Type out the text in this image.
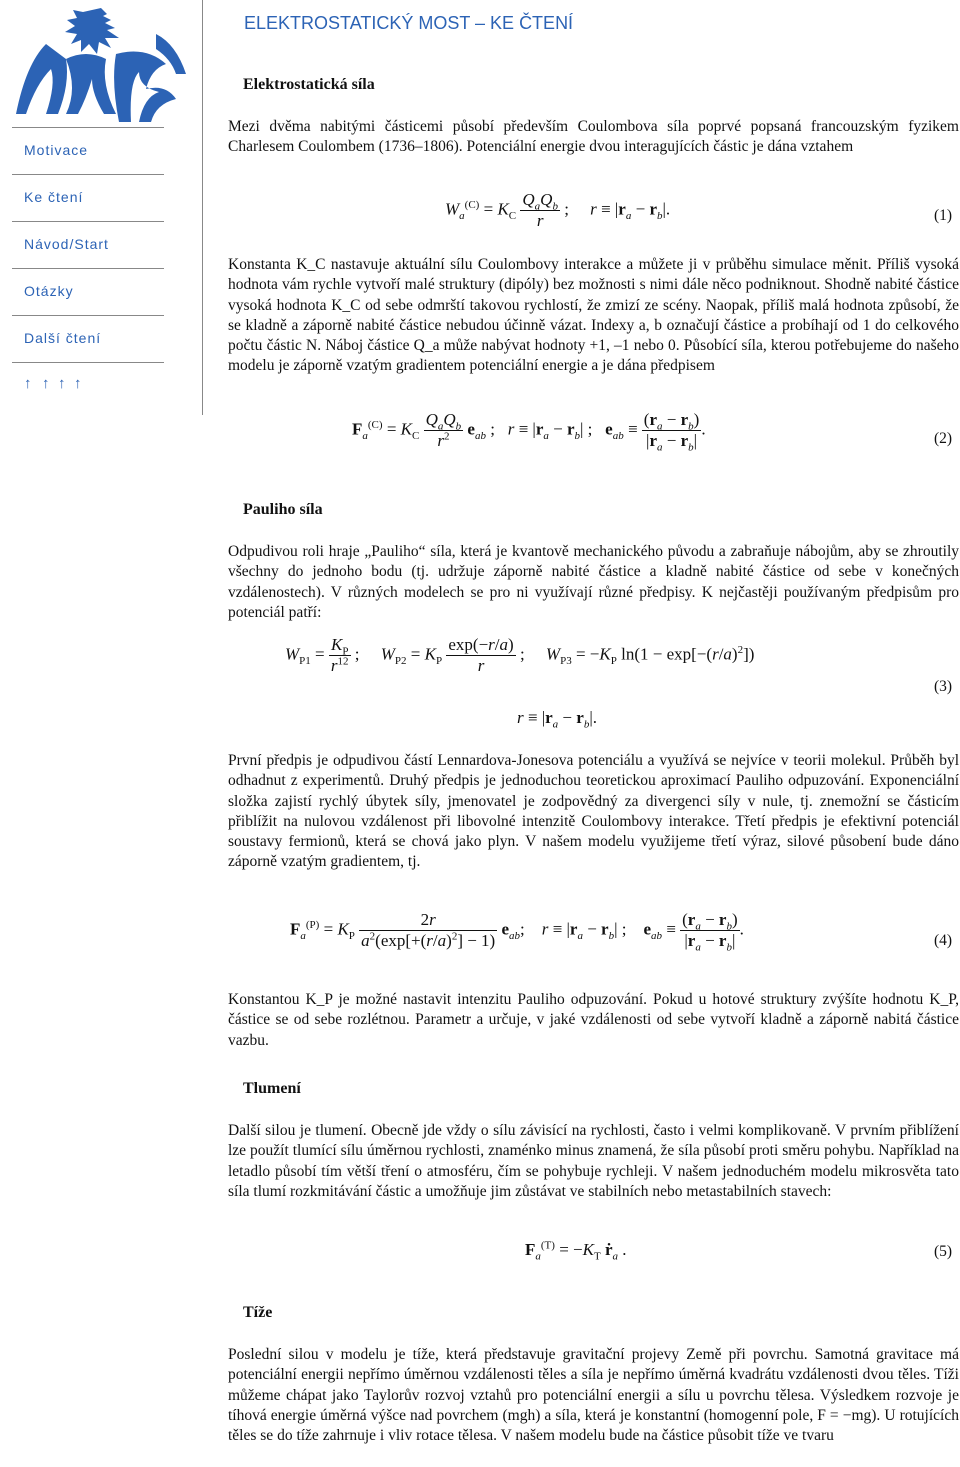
Motivace
Ke čtení
Návod/Start
Otázky
Další čtení
↑ ↑ ↑ ↑
ELEKTROSTATICKÝ MOST – KE ČTENÍ
Elektrostatická síla

Mezi dvěma nabitými částicemi působí především Coulombova síla poprvé popsaná francouzským fyzikem Charlesem Coulombem (1736–1806). Potenciální energie dvou interagujících částic je dána vztahem

$W_a^{(C)} = K_C \frac{Q_aQ_b}{r}$ ;     $r \equiv |r_a - r_b|$.	(1)

Konstanta K_C nastavuje aktuální sílu Coulombovy interakce a můžete ji v průběhu simulace měnit. Příliš vysoká hodnota vám rychle vytvoří malé struktury (dipóly) bez možnosti s nimi dále něco podniknout. Shodně nabité částice vysoká hodnota K_C od sebe odmrští takovou rychlostí, že zmizí ze scény. Naopak, příliš malá hodnota způsobí, že se kladně a záporně nabité částice nebudou účinně vázat. Indexy a, b označují částice a probíhají od 1 do celkového počtu částic N. Náboj částice Q_a může nabývat hodnoty +1, –1 nebo 0. Působící síla, kterou potřebujeme do našeho modelu je záporně vzatým gradientem potenciální energie a je dána předpisem

$F_a^{(C)} = K_C \frac{Q_aQ_b}{r^2} e_{ab}$ ;   $r \equiv |r_a - r_b|$ ;   $e_{ab} \equiv \frac{(r_a - r_b)}{|r_a - r_b|}$ .
(2)
Pauliho síla

Odpudivou roli hraje „Pauliho“ síla, která je kvantově mechanického původu a zabraňuje nábojům, aby se zhroutily všechny do jednoho bodu (tj. udržuje záporně nabité částice a kladně nabité částice od sebe v konečných vzdálenostech). V různých modelech se pro ni využívají různé předpisy. K nejčastěji používaným předpisům pro potenciál patří:

$W_{P1} = \frac{K_P}{r^{12}}$ ;     $W_{P2} = K_P \frac{\exp(-r/a)}{r}$ ;     $W_{P3} = -K_P$ $\ln(1 - \exp[-(r/a)^2])$
$r \equiv |r_a - r_b|$.
(3)

První předpis je odpudivou částí Lennardova-Jonesova potenciálu a využívá se nejvíce v teorii molekul. Průběh byl odhadnut z experimentů. Druhý předpis je jednoduchou teoretickou aproximací Pauliho odpuzování. Exponenciální složka zajistí rychlý úbytek síly, jmenovatel je zodpovědný za divergenci síly v nule, tj. znemožní se částicím přiblížit na nulovou vzdálenost při libovolné intenzitě Coulombovy interakce. Třetí předpis je efektivní potenciál soustavy fermionů, která se chová jako plyn. V našem modelu využijeme třetí výraz, silové působení bude dáno záporně vzatým gradientem, tj.

$F_a^{(P)} = K_P \frac{2r}{a^2(\exp[+(r/a)^2] - 1)} e_{ab}$;    $r \equiv |r_a - r_b|$ ;    $e_{ab} \equiv \frac{(r_a - r_b)}{|r_a - r_b|}$ .
(4)

Konstantou K_P je možné nastavit intenzitu Pauliho odpuzování. Pokud u hotové struktury zvýšíte hodnotu K_P, částice se od sebe rozlétnou. Parametr a určuje, v jaké vzdálenosti od sebe vytvoří kladně a záporně nabitá částice vazbu.

Tlumení

Další silou je tlumení. Obecně jde vždy o sílu závisící na rychlosti, často i velmi komplikovaně. V prvním přiblížení lze použít tlumící sílu úměrnou rychlosti, znaménko minus znamená, že síla působí proti směru pohybu. Například na letadlo působí tím větší tření o atmosféru, čím se pohybuje rychleji. V našem jednoduchém modelu mikrosvěta tato síla tlumí rozkmitávání částic a umožňuje jim zůstávat ve stabilních nebo metastabilních stavech:

$F_a^{(T)} = -K_T$ ṙ$_a$ .	(5)
Tíže

Poslední silou v modelu je tíže, která představuje gravitační projevy Země při povrchu. Samotná gravitace má potenciální energii nepřímo úměrnou vzdálenosti těles a síla je nepřímo úměrná kvadrátu vzdálenosti dvou těles. Tíži můžeme chápat jako Taylorův rozvoj vztahů pro potenciální energii a sílu u povrchu tělesa. Výsledkem rozvoje je tíhová energie úměrná výšce nad povrchem (mgh) a síla, která je konstantní (homogenní pole, F = −mg). U rotujících těles se do tíže zahrnuje i vliv rotace tělesa. V našem modelu bude na částice působit tíže ve tvaru
